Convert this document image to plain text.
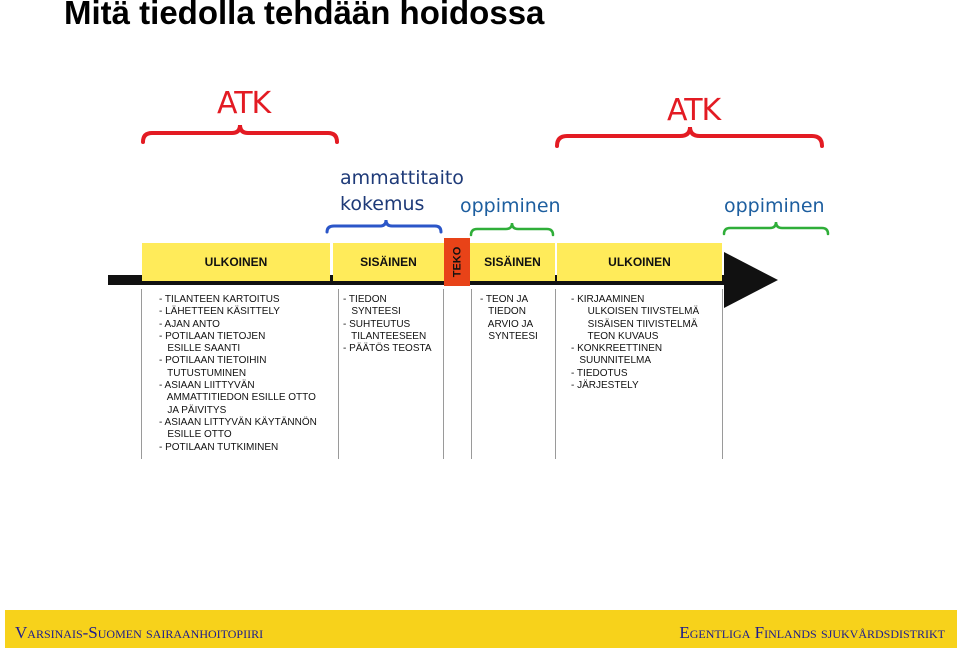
Mitä tiedolla tehdään hoidossa
ATK	ATK
ammattitaito
kokemus oppiminen	oppiminen
ULKOINEN	SISÄINEN	TEKO SISÄINEN	ULKOINEN
- TILANTEEN KARTOITUS
- LÄHETTEEN KÄSITTELY
- AJAN ANTO
- POTILAAN TIETOJEN
ESILLE SAANTI
- POTILAAN TIETOIHIN
TUTUSTUMINEN
- ASIAAN LIITTYVÄN
AMMATTITIEDON ESILLE OTTO
JA PÄIVITYS
- ASIAAN LITTYVÄN KÄYTÄNNÖN
ESILLE OTTO
- POTILAAN TUTKIMINEN
- TIEDON
SYNTEESI
- SUHTEUTUS
TILANTEESEEN
- PÄÄTÖS TEOSTA
- TEON JA
TIEDON
ARVIO JA
SYNTEESI
- KIRJAAMINEN
ULKOISEN TIIVSTELMÄ
SISÄISEN TIIVISTELMÄ
TEON KUVAUS
- KONKREETTINEN
SUUNNITELMA
- TIEDOTUS
- JÄRJESTELY
Varsinais-Suomen sairaanhoitopiiri	Egentliga Finlands sjukvårdsdistrikt
